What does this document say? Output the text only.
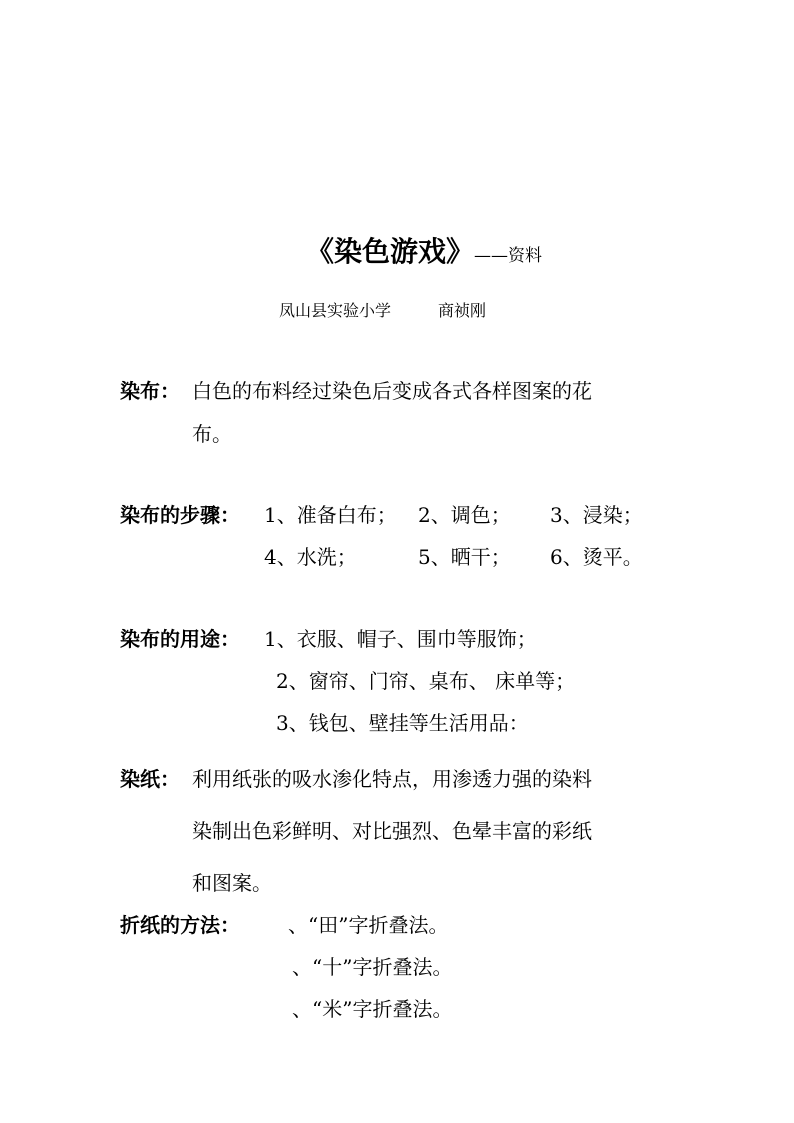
《染色游戏》——资料
凤山县实验小学	商祯刚
染布： 白色的布料经过染色后变成各式各样图案的花
布。
染布的步骤： 1、准备白布； 2、调色； 3、浸染；
4、水洗；	5、晒干； 6、烫平。
染布的用途： 1、衣服、帽子、围巾等服饰；
2、窗帘、门帘、桌布、 床单等；
3、钱包、壁挂等生活用品：
染纸： 利用纸张的吸水渗化特点，用渗透力强的染料
染制出色彩鲜明、对比强烈、色晕丰富的彩纸
和图案。
折纸的方法： 、“田”字折叠法。
、“十”字折叠法。
、“米”字折叠法。
